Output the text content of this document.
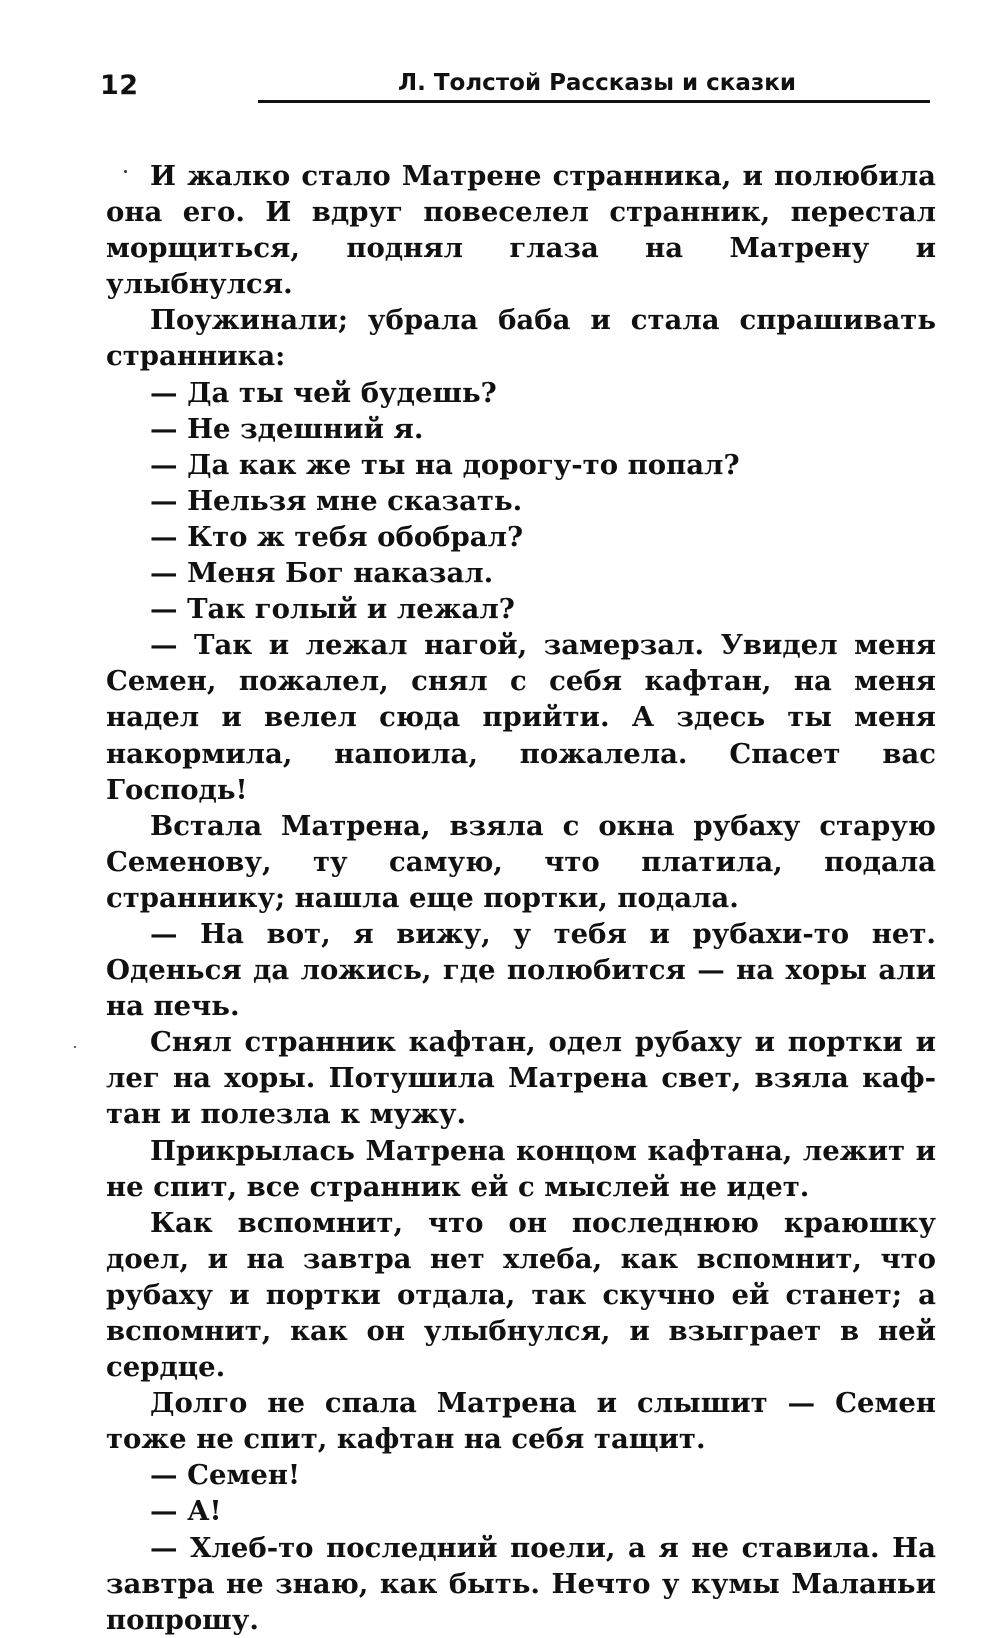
12	Л. Толстой Рассказы и сказки

И жалко стало Матрене странника, и полюбила она его. И вдруг повеселел странник, перестал морщиться, поднял глаза на Матрену и улыбнулся.

Поужинали; убрала баба и стала спрашивать странника:

— Да ты чей будешь?

— Не здешний я.

— Да как же ты на дорогу-то попал?

— Нельзя мне сказать.

— Кто ж тебя обобрал?

— Меня Бог наказал.

— Так голый и лежал?

— Так и лежал нагой, замерзал. Увидел меня Семен, пожалел, снял с себя кафтан, на меня надел и велел сюда прийти. А здесь ты меня накормила, напоила, пожалела. Спасет вас Господь!

Встала Матрена, взяла с окна рубаху старую Семенову, ту самую, что платила, подала страннику; нашла еще портки, подала.

— На вот, я вижу, у тебя и рубахи-то нет. Оденься да ложись, где полюбится — на хоры али на печь.

Снял странник кафтан, одел рубаху и портки и лег на хоры. Потушила Матрена свет, взяла кафтан и полезла к мужу.

Прикрылась Матрена концом кафтана, лежит и не спит, все странник ей с мыслей не идет.

Как вспомнит, что он последнюю краюшку доел, и на завтра нет хлеба, как вспомнит, что рубаху и портки отдала, так скучно ей станет; а вспомнит, как он улыбнулся, и взыграет в ней сердце.

Долго не спала Матрена и слышит — Семен тоже не спит, кафтан на себя тащит.

— Семен!

— А!

— Хлеб-то последний поели, а я не ставила. На завтра не знаю, как быть. Нечто у кумы Маланьи попрошу.
